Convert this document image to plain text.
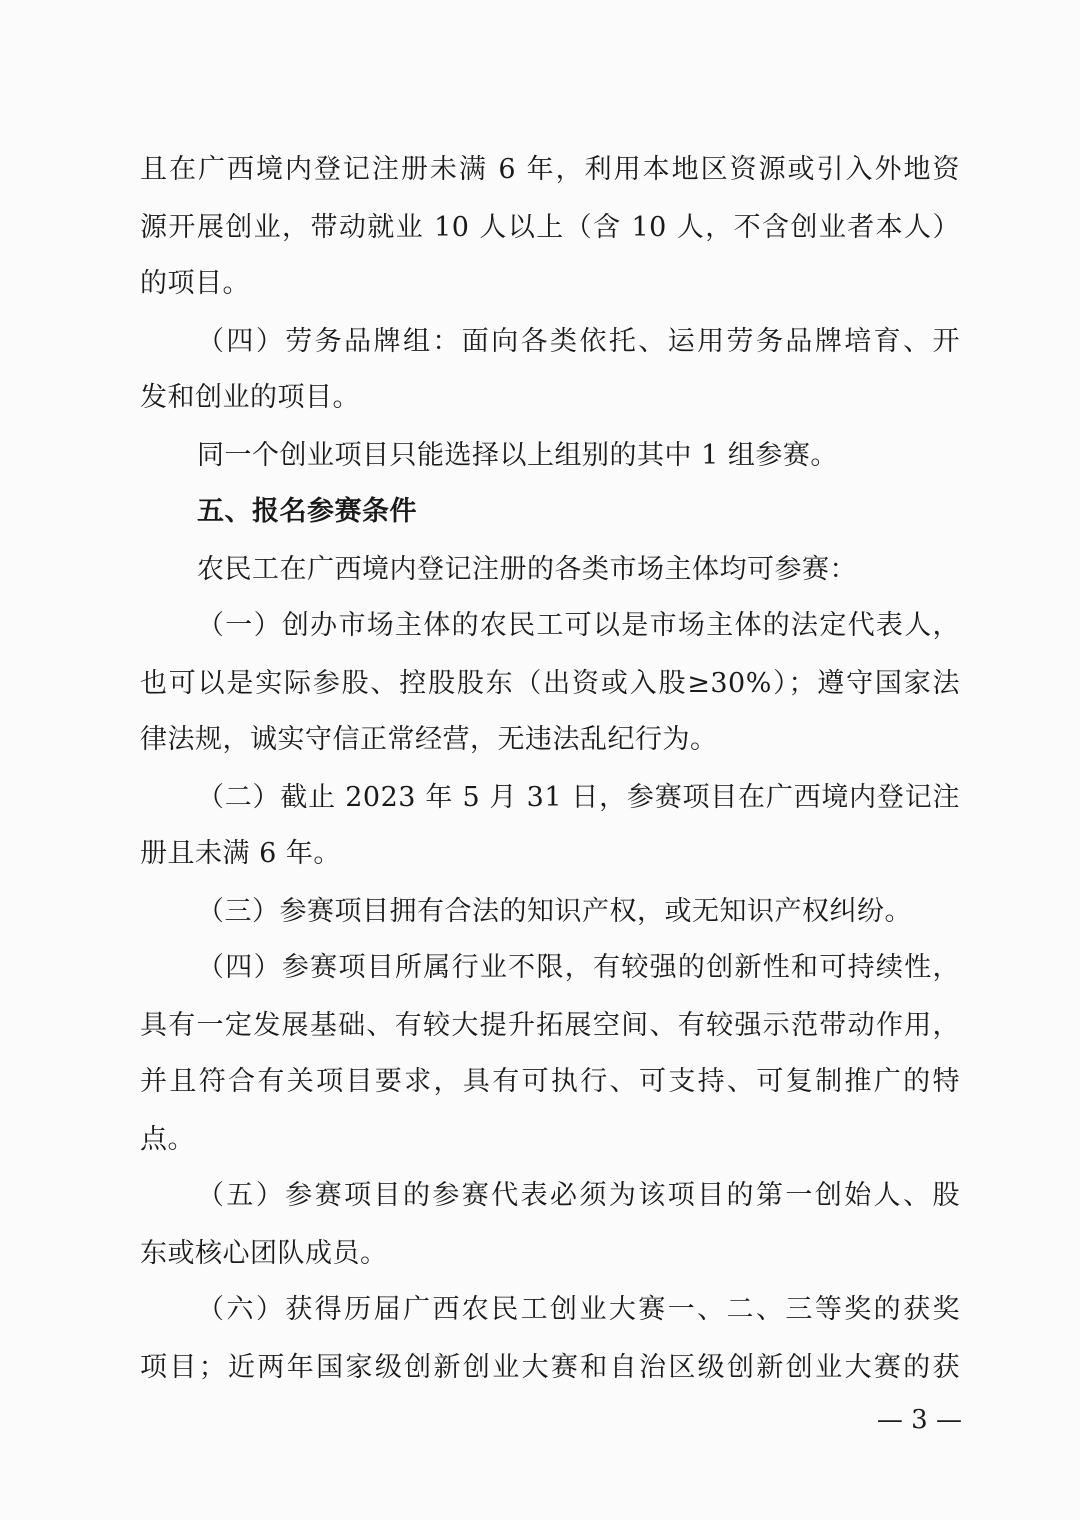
且在广西境内登记注册未满 6 年，利用本地区资源或引入外地资
源开展创业，带动就业 10 人以上（含 10 人，不含创业者本人）
的项目。
（四）劳务品牌组：面向各类依托、运用劳务品牌培育、开
发和创业的项目。
同一个创业项目只能选择以上组别的其中 1 组参赛。
五、报名参赛条件
农民工在广西境内登记注册的各类市场主体均可参赛：
（一）创办市场主体的农民工可以是市场主体的法定代表人，
也可以是实际参股、控股股东（出资或入股≥30%）；遵守国家法
律法规，诚实守信正常经营，无违法乱纪行为。
（二）截止 2023 年 5 月 31 日，参赛项目在广西境内登记注
册且未满 6 年。
（三）参赛项目拥有合法的知识产权，或无知识产权纠纷。
（四）参赛项目所属行业不限，有较强的创新性和可持续性，
具有一定发展基础、有较大提升拓展空间、有较强示范带动作用，
并且符合有关项目要求，具有可执行、可支持、可复制推广的特
点。
（五）参赛项目的参赛代表必须为该项目的第一创始人、股
东或核心团队成员。
（六）获得历届广西农民工创业大赛一、二、三等奖的获奖
项目；近两年国家级创新创业大赛和自治区级创新创业大赛的获
— 3 —
